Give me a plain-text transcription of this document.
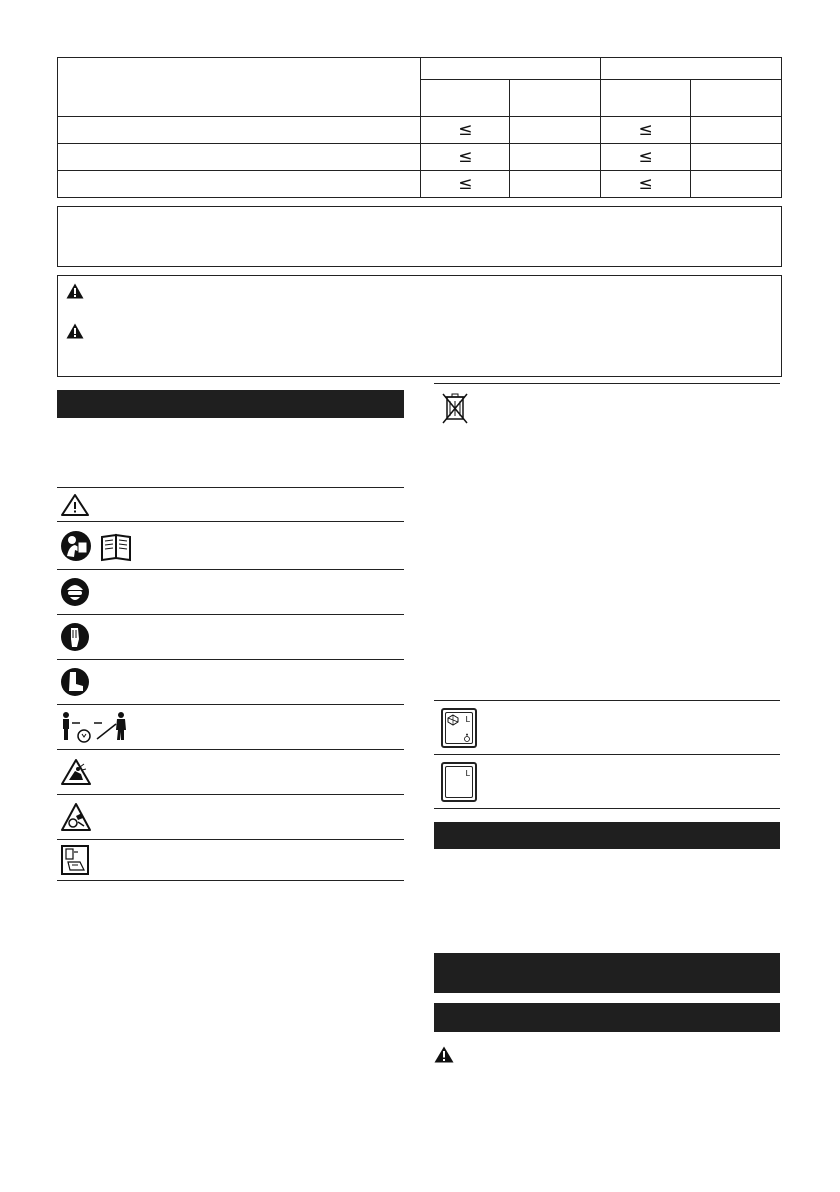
	≤		≤	
	≤		≤	
	≤		≤	
L
L
